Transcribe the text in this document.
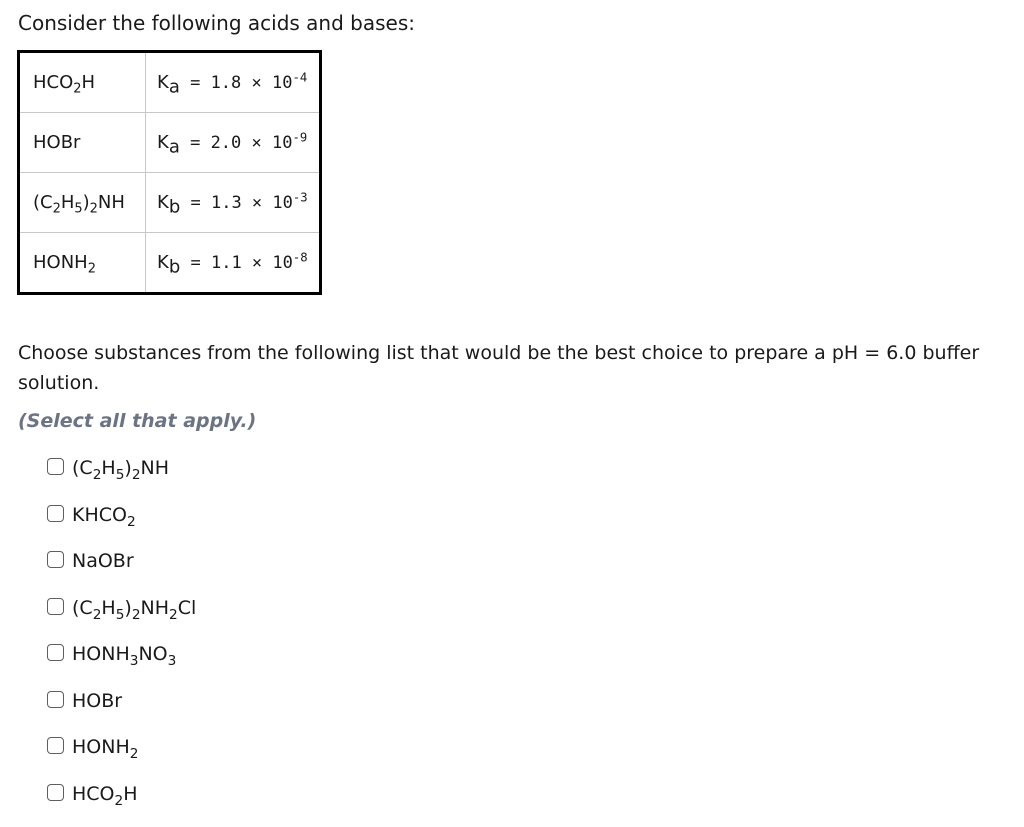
Consider the following acids and bases:

$HCO_2H$	$K_a = 1.8 \times 10^{-4}$
HOBr	$K_a = 2.0 \times 10^{-9}$
$(C_2H_5)_2NH$	$K_b = 1.3 \times 10^{-3}$
$HONH_2$	$K_b = 1.1 \times 10^{-8}$

Choose substances from the following list that would be the best choice to prepare a pH = 6.0 buffer solution.

(Select all that apply.)

$(C_2H_5)_2NH$
$KHCO_2$
NaOBr
$(C_2H_5)_2NH_2Cl$
$HONH_3NO_3$
HOBr
$HONH_2$
$HCO_2H$
